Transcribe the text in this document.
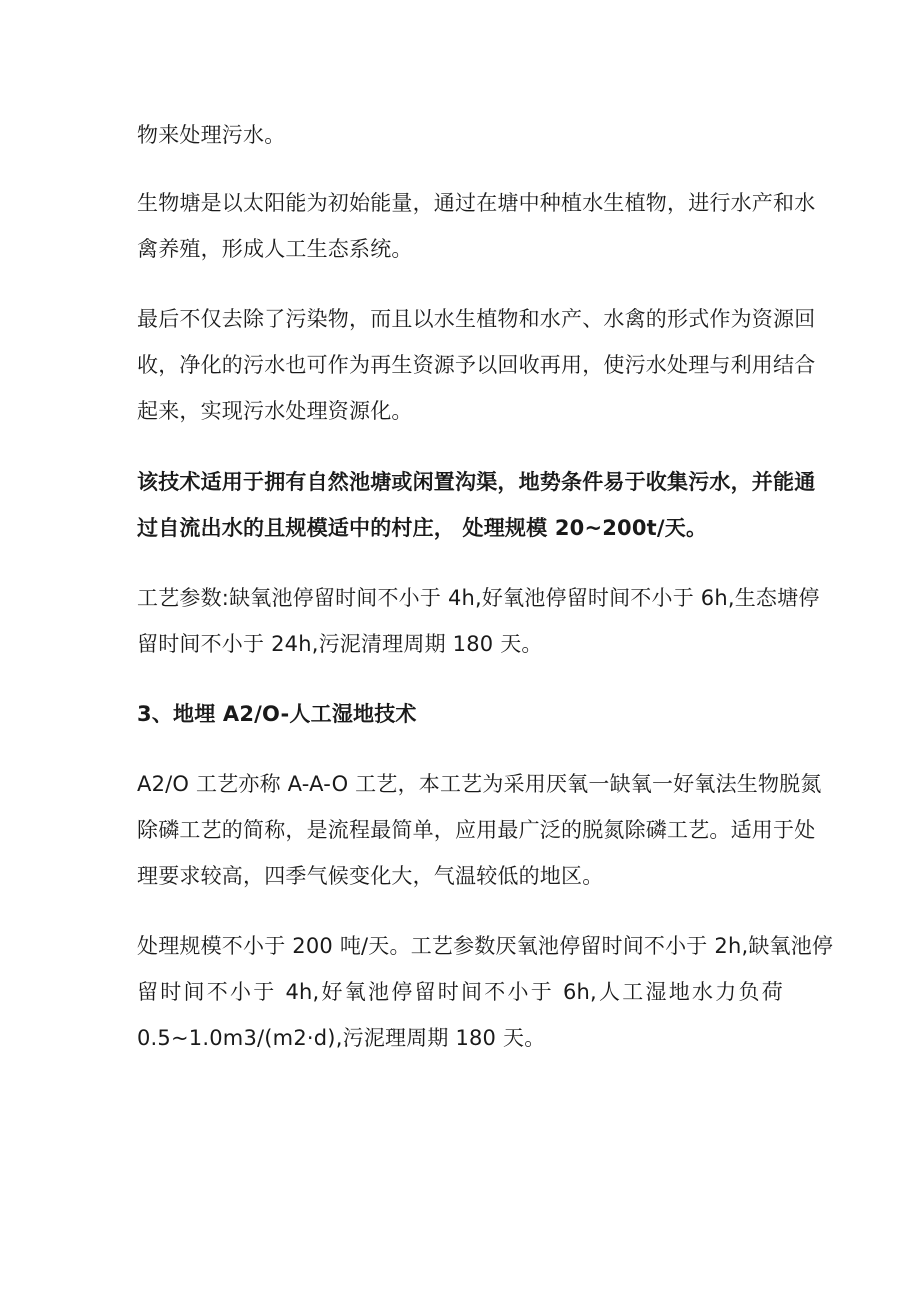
物来处理污水。

生物塘是以太阳能为初始能量，通过在塘中种植水生植物，进行水产和水
禽养殖，形成人工生态系统。

最后不仅去除了污染物，而且以水生植物和水产、水禽的形式作为资源回
收，净化的污水也可作为再生资源予以回收再用，使污水处理与利用结合
起来，实现污水处理资源化。

该技术适用于拥有自然池塘或闲置沟渠，地势条件易于收集污水，并能通
过自流出水的且规模适中的村庄， 处理规模 20~200t/天。

工艺参数:缺氧池停留时间不小于 4h,好氧池停留时间不小于 6h,生态塘停
留时间不小于 24h,污泥清理周期 180 天。

3、地埋 A2/O-人工湿地技术

A2/O 工艺亦称 A-A-O 工艺，本工艺为采用厌氧一缺氧一好氧法生物脱氮
除磷工艺的简称，是流程最简单，应用最广泛的脱氮除磷工艺。适用于处
理要求较高，四季气候变化大，气温较低的地区。

处理规模不小于 200 吨/天。工艺参数厌氧池停留时间不小于 2h,缺氧池停
留时间不小于 4h,好氧池停留时间不小于 6h,人工湿地水力负荷
0.5~1.0m3/(m2·d),污泥理周期 180 天。
